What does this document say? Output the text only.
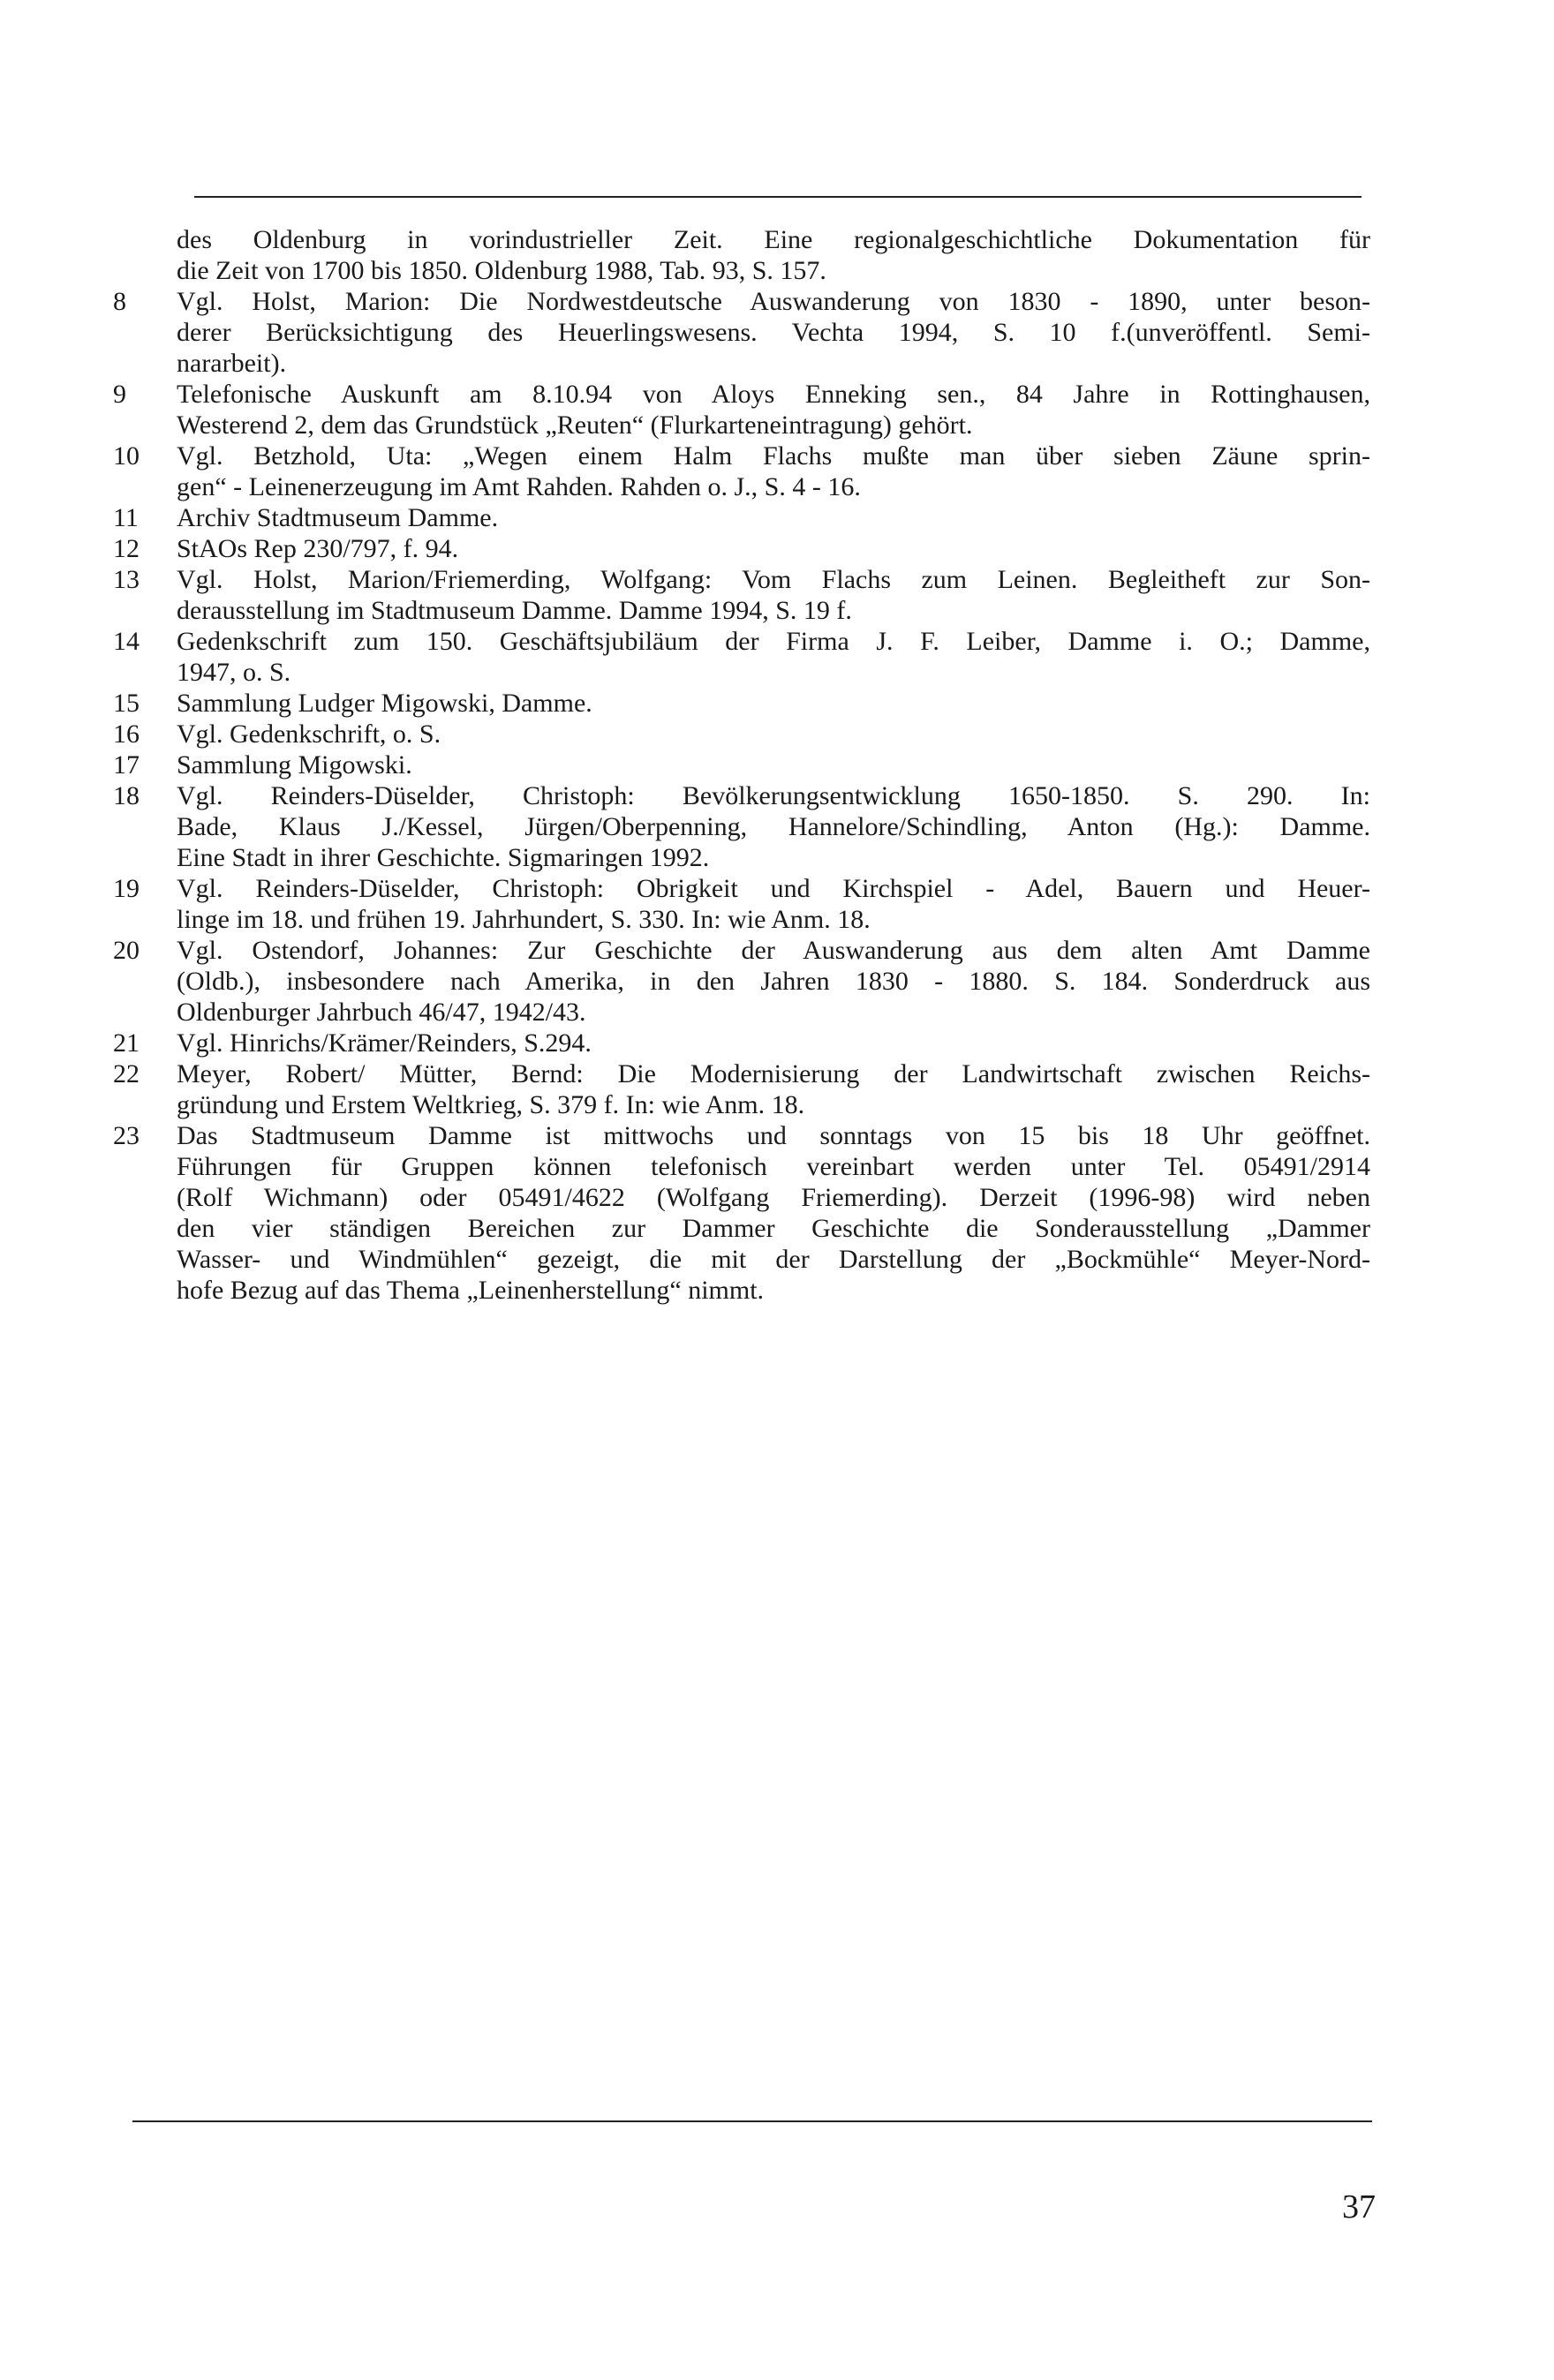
des Oldenburg in vorindustrieller Zeit. Eine regionalgeschichtliche Dokumentation für
die Zeit von 1700 bis 1850. Oldenburg 1988, Tab. 93, S. 157.
8	Vgl. Holst, Marion: Die Nordwestdeutsche Auswanderung von 1830 - 1890, unter beson-
derer Berücksichtigung des Heuerlingswesens. Vechta 1994, S. 10 f.(unveröffentl. Semi-
nararbeit).
9	Telefonische Auskunft am 8.10.94 von Aloys Enneking sen., 84 Jahre in Rottinghausen,
Westerend 2, dem das Grundstück „Reuten“ (Flurkarteneintragung) gehört.
10	Vgl. Betzhold, Uta: „Wegen einem Halm Flachs mußte man über sieben Zäune sprin-
gen“ - Leinenerzeugung im Amt Rahden. Rahden o. J., S. 4 - 16.
11	Archiv Stadtmuseum Damme.
12	StAOs Rep 230/797, f. 94.
13	Vgl. Holst, Marion/Friemerding, Wolfgang: Vom Flachs zum Leinen. Begleitheft zur Son-
derausstellung im Stadtmuseum Damme. Damme 1994, S. 19 f.
14	Gedenkschrift zum 150. Geschäftsjubiläum der Firma J. F. Leiber, Damme i. O.; Damme,
1947, o. S.
15	Sammlung Ludger Migowski, Damme.
16	Vgl. Gedenkschrift, o. S.
17	Sammlung Migowski.
18	Vgl. Reinders-Düselder, Christoph: Bevölkerungsentwicklung 1650-1850. S. 290. In:
Bade, Klaus J./Kessel, Jürgen/Oberpenning, Hannelore/Schindling, Anton (Hg.): Damme.
Eine Stadt in ihrer Geschichte. Sigmaringen 1992.
19	Vgl. Reinders-Düselder, Christoph: Obrigkeit und Kirchspiel - Adel, Bauern und Heuer-
linge im 18. und frühen 19. Jahrhundert, S. 330. In: wie Anm. 18.
20	Vgl. Ostendorf, Johannes: Zur Geschichte der Auswanderung aus dem alten Amt Damme
(Oldb.), insbesondere nach Amerika, in den Jahren 1830 - 1880. S. 184. Sonderdruck aus
Oldenburger Jahrbuch 46/47, 1942/43.
21	Vgl. Hinrichs/Krämer/Reinders, S.294.
22	Meyer, Robert/ Mütter, Bernd: Die Modernisierung der Landwirtschaft zwischen Reichs-
gründung und Erstem Weltkrieg, S. 379 f. In: wie Anm. 18.
23	Das Stadtmuseum Damme ist mittwochs und sonntags von 15 bis 18 Uhr geöffnet.
Führungen für Gruppen können telefonisch vereinbart werden unter Tel. 05491/2914
(Rolf Wichmann) oder 05491/4622 (Wolfgang Friemerding). Derzeit (1996-98) wird neben
den vier ständigen Bereichen zur Dammer Geschichte die Sonderausstellung „Dammer
Wasser- und Windmühlen“ gezeigt, die mit der Darstellung der „Bockmühle“ Meyer-Nord-
hofe Bezug auf das Thema „Leinenherstellung“ nimmt.
37
